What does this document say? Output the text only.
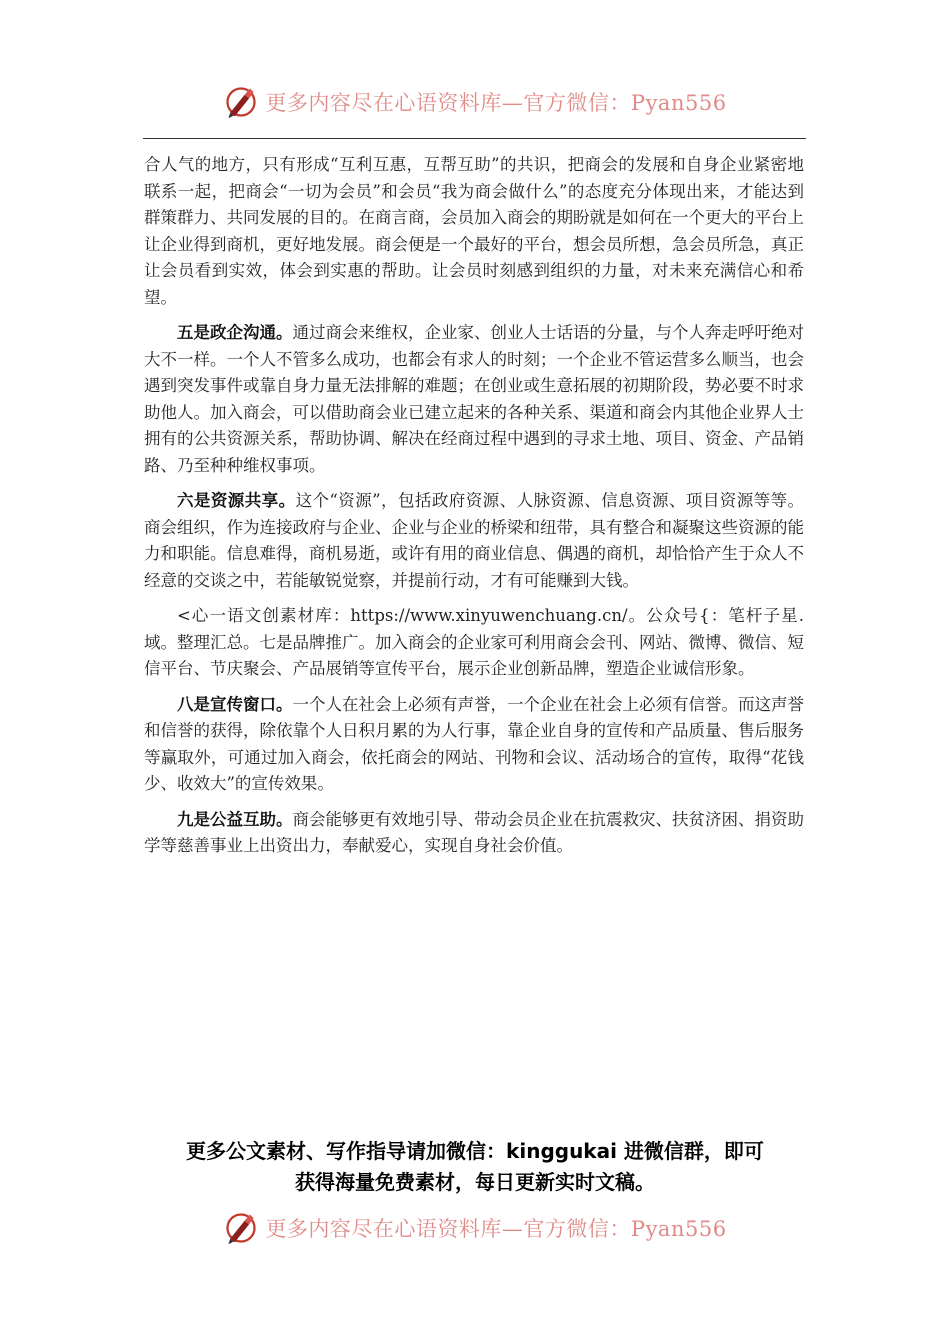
更多内容尽在心语资料库—官方微信：Pyan556

合人气的地方，只有形成“互利互惠，互帮互助”的共识，把商会的发展和自身企业紧密地联系一起，把商会“一切为会员”和会员“我为商会做什么”的态度充分体现出来，才能达到群策群力、共同发展的目的。在商言商，会员加入商会的期盼就是如何在一个更大的平台上让企业得到商机，更好地发展。商会便是一个最好的平台，想会员所想，急会员所急，真正让会员看到实效，体会到实惠的帮助。让会员时刻感到组织的力量，对未来充满信心和希望。

五是政企沟通。通过商会来维权，企业家、创业人士话语的分量，与个人奔走呼吁绝对大不一样。一个人不管多么成功，也都会有求人的时刻；一个企业不管运营多么顺当，也会遇到突发事件或靠自身力量无法排解的难题；在创业或生意拓展的初期阶段，势必要不时求助他人。加入商会，可以借助商会业已建立起来的各种关系、渠道和商会内其他企业界人士拥有的公共资源关系，帮助协调、解决在经商过程中遇到的寻求土地、项目、资金、产品销路、乃至种种维权事项。

六是资源共享。这个“资源”，包括政府资源、人脉资源、信息资源、项目资源等等。商会组织，作为连接政府与企业、企业与企业的桥梁和纽带，具有整合和凝聚这些资源的能力和职能。信息难得，商机易逝，或许有用的商业信息、偶遇的商机，却恰恰产生于众人不经意的交谈之中，若能敏锐觉察，并提前行动，才有可能赚到大钱。

<心一语文创素材库：https://www.xinyuwenchuang.cn/。公众号{：笔杆子星.域。整理汇总。七是品牌推广。加入商会的企业家可利用商会会刊、网站、微博、微信、短信平台、节庆聚会、产品展销等宣传平台，展示企业创新品牌，塑造企业诚信形象。

八是宣传窗口。一个人在社会上必须有声誉，一个企业在社会上必须有信誉。而这声誉和信誉的获得，除依靠个人日积月累的为人行事，靠企业自身的宣传和产品质量、售后服务等赢取外，可通过加入商会，依托商会的网站、刊物和会议、活动场合的宣传，取得“花钱少、收效大”的宣传效果。

九是公益互助。商会能够更有效地引导、带动会员企业在抗震救灾、扶贫济困、捐资助学等慈善事业上出资出力，奉献爱心，实现自身社会价值。

更多公文素材、写作指导请加微信：kinggukai 进微信群，即可
获得海量免费素材，每日更新实时文稿。
更多内容尽在心语资料库—官方微信：Pyan556
